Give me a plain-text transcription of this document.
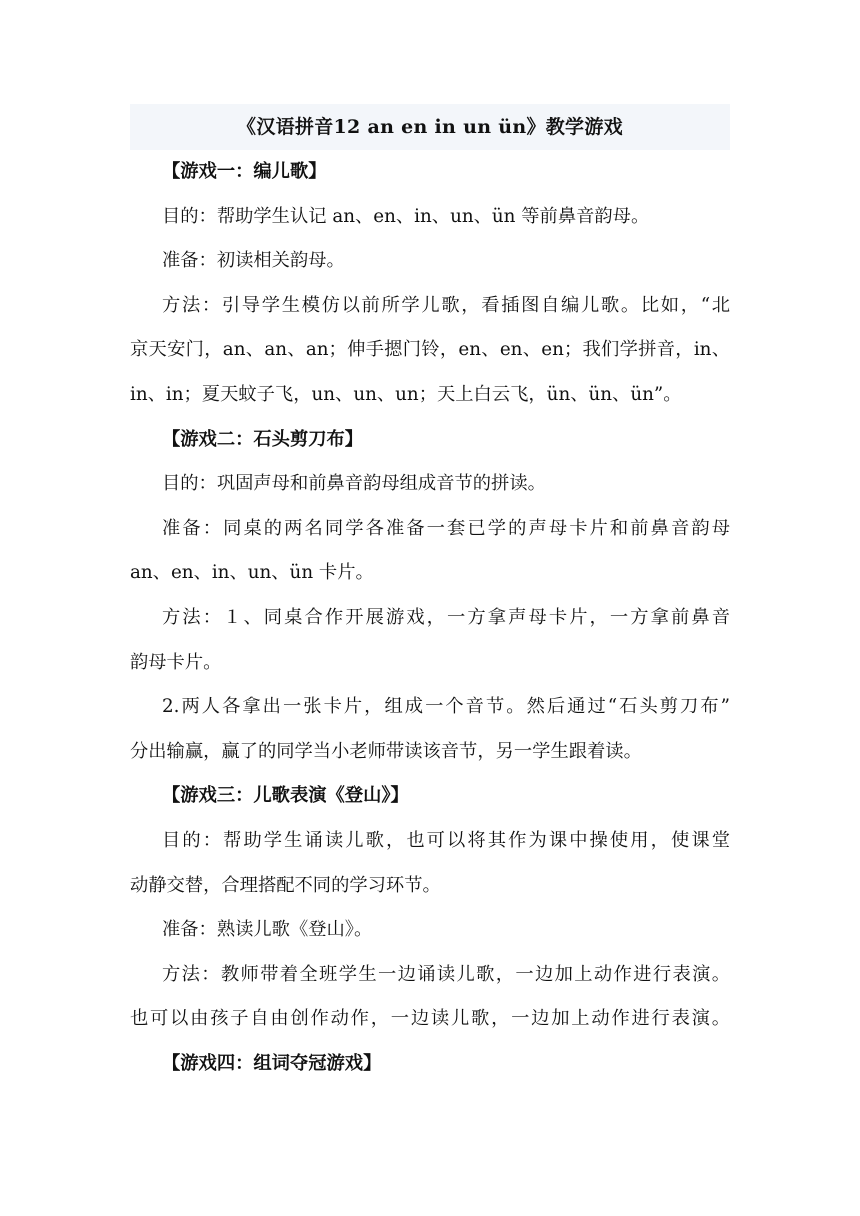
《汉语拼音12 an en in un ün》教学游戏
【游戏一：编儿歌】
目的：帮助学生认记 an、en、in、un、ün 等前鼻音韵母。
准备：初读相关韵母。
方法：引导学生模仿以前所学儿歌，看插图自编儿歌。比如，“北
京天安门，an、an、an；伸手摁门铃，en、en、en；我们学拼音，in、
in、in；夏天蚊子飞，un、un、un；天上白云飞，ün、ün、ün”。
【游戏二：石头剪刀布】
目的：巩固声母和前鼻音韵母组成音节的拼读。
准备：同桌的两名同学各准备一套已学的声母卡片和前鼻音韵母
an、en、in、un、ün 卡片。
方法：１、同桌合作开展游戏，一方拿声母卡片，一方拿前鼻音
韵母卡片。
2.两人各拿出一张卡片，组成一个音节。然后通过“石头剪刀布”
分出输赢，赢了的同学当小老师带读该音节，另一学生跟着读。
【游戏三：儿歌表演《登山》】
目的：帮助学生诵读儿歌，也可以将其作为课中操使用，使课堂
动静交替，合理搭配不同的学习环节。
准备：熟读儿歌《登山》。
方法：教师带着全班学生一边诵读儿歌，一边加上动作进行表演。
也可以由孩子自由创作动作，一边读儿歌，一边加上动作进行表演。
【游戏四：组词夺冠游戏】
